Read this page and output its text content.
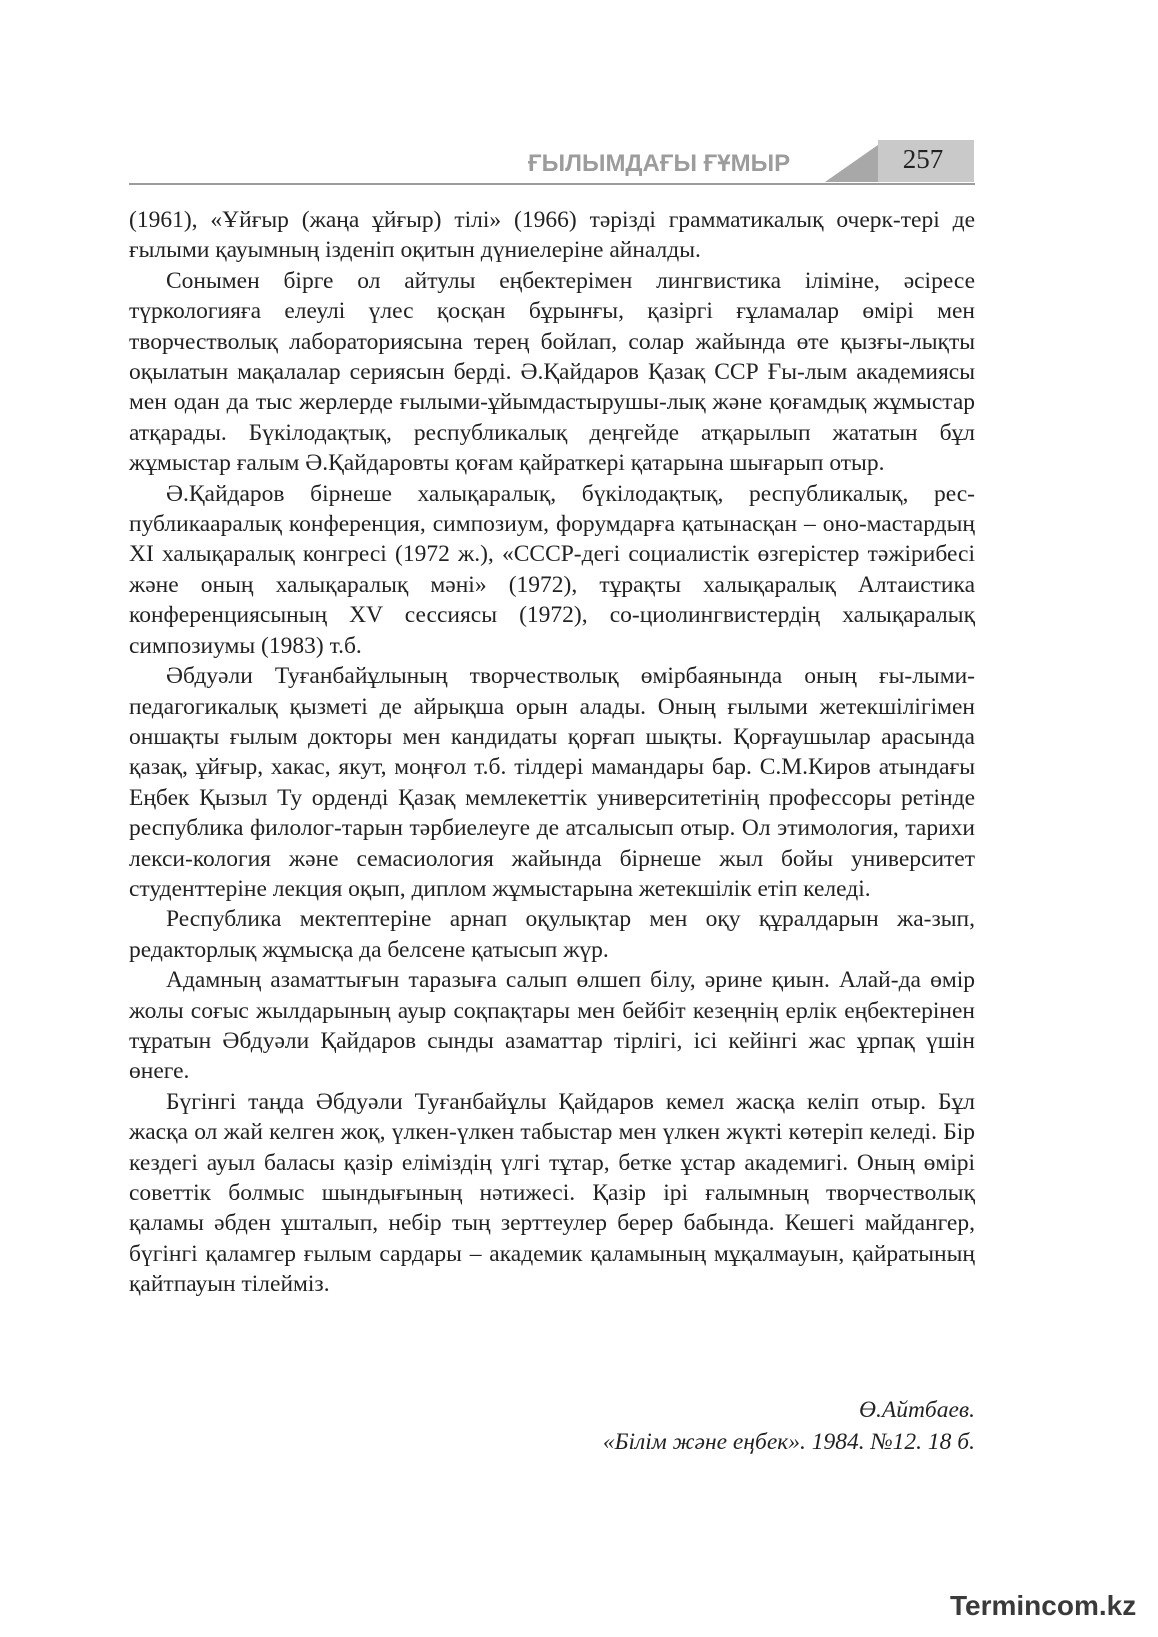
ҒЫЛЫМДАҒЫ ҒҰМЫР	257

(1961), «Ұйғыр (жаңа ұйғыр) тілі» (1966) тәрізді грамматикалық очерк-тері де ғылыми қауымның ізденіп оқитын дүниелеріне айналды.

Сонымен бірге ол айтулы еңбектерімен лингвистика іліміне, әсіресе түркологияға елеулі үлес қосқан бұрынғы, қазіргі ғұламалар өмірі мен творчестволық лабораториясына терең бойлап, солар жайында өте қызғы-лықты оқылатын мақалалар сериясын берді. Ә.Қайдаров Қазақ ССР Ғы-лым академиясы мен одан да тыс жерлерде ғылыми-ұйымдастырушы-лық және қоғамдық жұмыстар атқарады. Бүкілодақтық, республикалық деңгейде атқарылып жататын бұл жұмыстар ғалым Ә.Қайдаровты қоғам қайраткері қатарына шығарып отыр.

Ә.Қайдаров бірнеше халықаралық, бүкілодақтық, республикалық, рес-публикааралық конференция, симпозиум, форумдарға қатынасқан – оно-мастардың XI халықаралық конгресі (1972 ж.), «СССР-дегі социалистік өзгерістер тәжірибесі және оның халықаралық мәні» (1972), тұрақты халықаралық Алтаистика конференциясының XV сессиясы (1972), со-циолингвистердің халықаралық симпозиумы (1983) т.б.

Әбдуәли Туғанбайұлының творчестволық өмірбаянында оның ғы-лыми-педагогикалық қызметі де айрықша орын алады. Оның ғылыми жетекшілігімен оншақты ғылым докторы мен кандидаты қорғап шықты. Қорғаушылар арасында қазақ, ұйғыр, хакас, якут, моңғол т.б. тілдері мамандары бар. С.М.Киров атындағы Еңбек Қызыл Ту орденді Қазақ мемлекеттік университетінің профессоры ретінде республика филолог-тарын тәрбиелеуге де атсалысып отыр. Ол этимология, тарихи лекси-кология және семасиология жайында бірнеше жыл бойы университет студенттеріне лекция оқып, диплом жұмыстарына жетекшілік етіп келеді.

Республика мектептеріне арнап оқулықтар мен оқу құралдарын жа-зып, редакторлық жұмысқа да белсене қатысып жүр.

Адамның азаматтығын таразыға салып өлшеп білу, әрине қиын. Алай-да өмір жолы соғыс жылдарының ауыр соқпақтары мен бейбіт кезеңнің ерлік еңбектерінен тұратын Әбдуәли Қайдаров сынды азаматтар тірлігі, ісі кейінгі жас ұрпақ үшін өнеге.

Бүгінгі таңда Әбдуәли Туғанбайұлы Қайдаров кемел жасқа келіп отыр. Бұл жасқа ол жай келген жоқ, үлкен-үлкен табыстар мен үлкен жүкті көтеріп келеді. Бір кездегі ауыл баласы қазір еліміздің үлгі тұтар, бетке ұстар академигі. Оның өмірі советтік болмыс шындығының нәтижесі. Қазір ірі ғалымның творчестволық қаламы әбден ұшталып, небір тың зерттеулер берер бабында. Кешегі майдангер, бүгінгі қаламгер ғылым сардары – академик қаламының мұқалмауын, қайратының қайтпауын тілейміз.

Ө.Айтбаев.
«Білім және еңбек». 1984. №12. 18 б.
Termincom.kz
